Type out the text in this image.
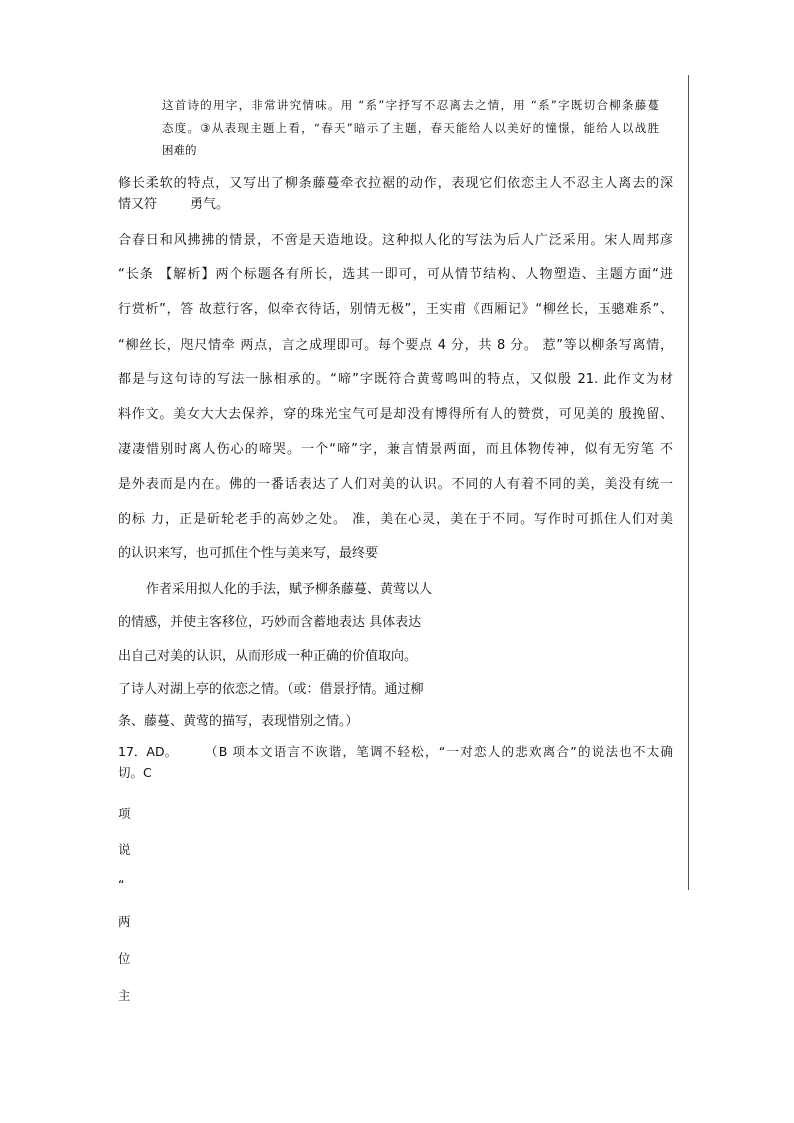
这首诗的用字，非常讲究情味。用 “系”字抒写不忍离去之情，用 “系”字既切合柳条藤蔓
态度。③从表现主题上看，“春天”暗示了主题，春天能给人以美好的憧憬，能给人以战胜
困难的
修长柔软的特点，又写出了柳条藤蔓牵衣拉裾的动作，表现它们依恋主人不忍主人离去的深
情又符	勇气。
合春日和风拂拂的情景，不啻是天造地设。这种拟人化的写法为后人广泛采用。宋人周邦彦
“长条 【解析】两个标题各有所长，选其一即可，可从情节结构、人物塑造、主题方面“进
行赏析”，答 故惹行客，似牵衣待话，别情无极”，王实甫《西厢记》“柳丝长，玉骢难系”、
“柳丝长，咫尺情牵 两点，言之成理即可。每个要点 4 分，共 8 分。 惹”等以柳条写离情，
都是与这句诗的写法一脉相承的。“啼”字既符合黄莺鸣叫的特点，又似殷 21. 此作文为材
料作文。美女大大去保养，穿的珠光宝气可是却没有博得所有人的赞赏，可见美的 殷挽留、
凄凄惜别时离人伤心的啼哭。一个“啼”字，兼言情景两面，而且体物传神，似有无穷笔 不
是外表而是内在。佛的一番话表达了人们对美的认识。不同的人有着不同的美，美没有统一
的标 力，正是斫轮老手的高妙之处。 准，美在心灵，美在于不同。写作时可抓住人们对美
的认识来写，也可抓住个性与美来写，最终要
作者采用拟人化的手法，赋予柳条藤蔓、黄莺以人
的情感，并使主客移位，巧妙而含蓄地表达 具体表达
出自己对美的认识，从而形成一种正确的价值取向。
了诗人对湖上亭的依恋之情。（或：借景抒情。通过柳
条、藤蔓、黄莺的描写，表现惜别之情。）
17．AD。 （B 项本文语言不诙谐，笔调不轻松，“一对恋人的悲欢离合”的说法也不太确
切。C
项
说
“
两
位
主
